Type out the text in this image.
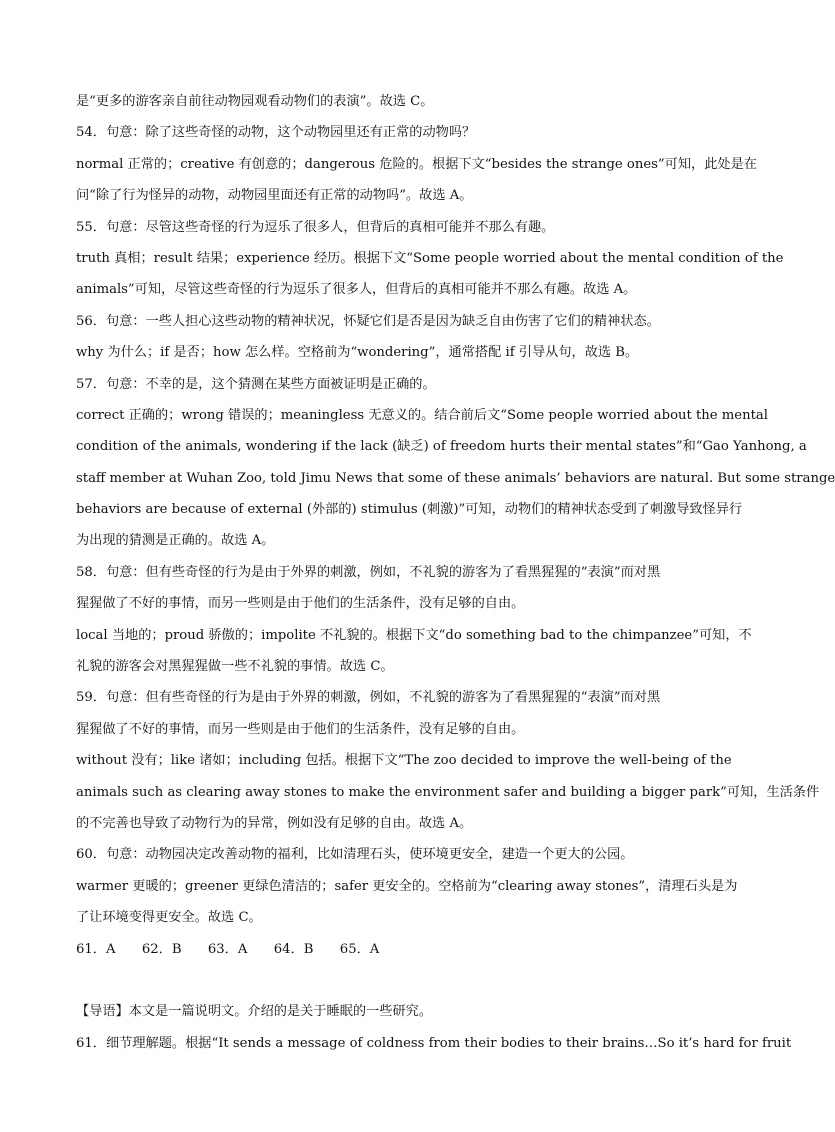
是“更多的游客亲自前往动物园观看动物们的表演”。故选 C。
54．句意：除了这些奇怪的动物，这个动物园里还有正常的动物吗？
normal 正常的；creative 有创意的；dangerous 危险的。根据下文“besides the strange ones”可知，此处是在
问“除了行为怪异的动物，动物园里面还有正常的动物吗”。故选 A。
55．句意：尽管这些奇怪的行为逗乐了很多人，但背后的真相可能并不那么有趣。
truth 真相；result 结果；experience 经历。根据下文“Some people worried about the mental condition of the
animals”可知，尽管这些奇怪的行为逗乐了很多人，但背后的真相可能并不那么有趣。故选 A。
56．句意：一些人担心这些动物的精神状况，怀疑它们是否是因为缺乏自由伤害了它们的精神状态。
why 为什么；if 是否；how 怎么样。空格前为“wondering”，通常搭配 if 引导从句，故选 B。
57．句意：不幸的是，这个猜测在某些方面被证明是正确的。
correct 正确的；wrong 错误的；meaningless 无意义的。结合前后文“Some people worried about the mental
condition of the animals, wondering if the lack (缺乏) of freedom hurts their mental states”和“Gao Yanhong, a
staff member at Wuhan Zoo, told Jimu News that some of these animals’ behaviors are natural. But some strange
behaviors are because of external (外部的) stimulus (刺激)”可知，动物们的精神状态受到了刺激导致怪异行
为出现的猜测是正确的。故选 A。
58．句意：但有些奇怪的行为是由于外界的刺激，例如，不礼貌的游客为了看黑猩猩的“表演”而对黑
猩猩做了不好的事情，而另一些则是由于他们的生活条件，没有足够的自由。
local 当地的；proud 骄傲的；impolite 不礼貌的。根据下文“do something bad to the chimpanzee”可知，不
礼貌的游客会对黑猩猩做一些不礼貌的事情。故选 C。
59．句意：但有些奇怪的行为是由于外界的刺激，例如，不礼貌的游客为了看黑猩猩的“表演”而对黑
猩猩做了不好的事情，而另一些则是由于他们的生活条件，没有足够的自由。
without 没有；like 诸如；including 包括。根据下文“The zoo decided to improve the well-being of the
animals such as clearing away stones to make the environment safer and building a bigger park”可知，生活条件
的不完善也导致了动物行为的异常，例如没有足够的自由。故选 A。
60．句意：动物园决定改善动物的福利，比如清理石头，使环境更安全，建造一个更大的公园。
warmer 更暖的；greener 更绿色清洁的；safer 更安全的。空格前为“clearing away stones”，清理石头是为
了让环境变得更安全。故选 C。
61．A　　62．B　　63．A　　64．B　　65．A
【导语】本文是一篇说明文。介绍的是关于睡眠的一些研究。
61．细节理解题。根据“It sends a message of coldness from their bodies to their brains…So it’s hard for fruit
